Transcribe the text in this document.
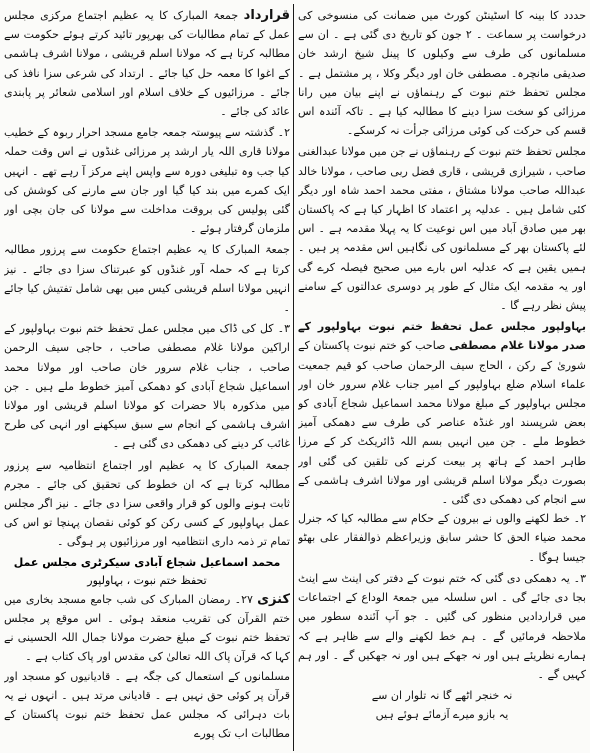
حددد کا بینہ کا اسٹینٹن کورٹ میں ضمانت کی منسوخی کی درخواست پر سماعت ۔ ۲ جون کو تاریخ دی گئی ہے ۔ ان سے مسلمانوں کی طرف سے وکیلوں کا پینل شیخ ارشد خان صدیقی مانچرہ۔ مصطفی خان اور دیگر وکلا ، پر مشتمل ہے ۔ مجلس تحفظ ختم نبوت کے رہنماؤں نے اپنے بیان میں رانا مرزائی کو سخت سزا دینے کا مطالبہ کیا ہے ۔ تاکہ آئندہ اس قسم کی حرکت کی کوئی مرزائی جرأت نہ کرسکے۔

مجلس تحفظ ختم نبوت کے رہنماؤں نے جن میں مولانا عبدالغنی صاحب ، شیرازی قریشی ، قاری فضل ربی صاحب ، مولانا خالد عبداللہ صاحب مولانا مشتاق ، مفتی محمد احمد شاہ اور دیگر کئی شامل ہیں ۔ عدلیہ پر اعتماد کا اظہار کیا ہے کہ پاکستان بھر میں صادق آباد میں اس نوعیت کا یہ پہلا مقدمہ ہے ۔ اس لئے پاکستان بھر کے مسلمانوں کی نگاہیں اس مقدمہ پر ہیں ۔ ہمیں یقین ہے کہ عدلیہ اس بارے میں صحیح فیصلہ کرے گی اور یہ مقدمہ ایک مثال کے طور پر دوسری عدالتوں کے سامنے پیش نظر رہے گا ۔

بہاولپور مجلس عمل تحفظ ختم نبوت بہاولپور کے صدر مولانا غلام مصطفی صاحب کو ختم نبوت پاکستان کے شوریٰ کے رکن ، الحاج سیف الرحمان صاحب کو قیم جمعیت علماء اسلام ضلع بہاولپور کے امیر جناب غلام سرور خان اور مجلس بہاولپور کے مبلغ مولانا محمد اسماعیل شجاع آبادی کو بعض شرپسند اور غنڈہ عناصر کی طرف سے دھمکی آمیز خطوط ملے ۔ جن میں انہیں بسم اللہ ڈائریکٹ کر کے مرزا طاہر احمد کے ہاتھ پر بیعت کرنے کی تلقین کی گئی اور بصورت دیگر مولانا اسلم قریشی اور مولانا اشرف ہاشمی کے سے انجام کی دھمکی دی گئی ۔

۲۔ خط لکھنے والوں نے بیرون کے حکام سے مطالبہ کیا کہ جنرل محمد ضیاء الحق کا حشر سابق وزیراعظم ذوالفقار علی بھٹو جیسا ہوگا ۔

۳۔ یہ دھمکی دی گئی کہ ختم نبوت کے دفتر کی اینٹ سے اینٹ بجا دی جائے گی ۔ اس سلسلہ میں جمعۃ الوداع کے اجتماعات میں قراردادیں منظور کی گئیں ۔ جو آپ آئندہ سطور میں ملاحظہ فرمائیں گے ۔ ہم خط لکھنے والے سے ظاہر ہے کہ ہمارے نظریئے ہیں اور نہ جھکے ہیں اور نہ جھکیں گے ۔ اور ہم کہیں گے ۔

نہ خنجر اٹھے گا نہ تلوار ان سے

یہ بازو میرے آزمائے ہوئے ہیں

قرارداد جمعۃ المبارک کا یہ عظیم اجتماع مرکزی مجلس عمل کے تمام مطالبات کی بھرپور تائید کرتے ہوئے حکومت سے مطالبہ کرتا ہے کہ مولانا اسلم قریشی ، مولانا اشرف ہاشمی کے اغوا کا معمہ حل کیا جائے ۔ ارتداد کی شرعی سزا نافذ کی جائے ۔ مرزائیوں کے خلاف اسلام اور اسلامی شعائر پر پابندی عائد کی جائے ۔

۲۔ گذشتہ سے پیوستہ جمعہ جامع مسجد احرار ربوہ کے خطیب مولانا قاری اللہ یار ارشد پر مرزائی غنڈوں نے اس وقت حملہ کیا جب وہ تبلیغی دورہ سے واپس اپنے مرکز آ رہے تھے ۔ انہیں ایک کمرے میں بند کیا گیا اور جان سے مارنے کی کوشش کی گئی پولیس کی بروقت مداخلت سے مولانا کی جان بچی اور ملزمان گرفتار ہوئے ۔

جمعۃ المبارک کا یہ عظیم اجتماع حکومت سے پرزور مطالبہ کرتا ہے کہ حملہ آور غنڈوں کو عبرتناک سزا دی جائے ۔ نیز انہیں مولانا اسلم قریشی کیس میں بھی شامل تفتیش کیا جائے ۔

۳۔ کل کی ڈاک میں مجلس عمل تحفظ ختم نبوت بہاولپور کے اراکین مولانا غلام مصطفی صاحب ، حاجی سیف الرحمن صاحب ، جناب غلام سرور خان صاحب اور مولانا محمد اسماعیل شجاع آبادی کو دھمکی آمیز خطوط ملے ہیں ۔ جن میں مذکورہ بالا حضرات کو مولانا اسلم قریشی اور مولانا اشرف ہاشمی کے انجام سے سبق سیکھنے اور انہی کی طرح غائب کر دینے کی دھمکی دی گئی ہے ۔

جمعۃ المبارک کا یہ عظیم اور اجتماع انتظامیہ سے پرزور مطالبہ کرتا ہے کہ ان خطوط کی تحقیق کی جائے ۔ مجرم ثابت ہونے والوں کو قرار واقعی سزا دی جائے ۔ نیز اگر مجلس عمل بہاولپور کے کسی رکن کو کوئی نقصان پہنچا تو اس کی تمام تر ذمہ داری انتظامیہ اور مرزائیوں پر ہوگی ۔

محمد اسماعیل شجاع آبادی سیکرٹری مجلس عمل
تحفظ ختم نبوت ، بہاولپور

کنزی ۲۷۔ رمضان المبارک کی شب جامع مسجد بخاری میں ختم القرآن کی تقریب منعقد ہوئی ۔ اس موقع پر مجلس تحفظ ختم نبوت کے مبلغ حضرت مولانا جمال اللہ الحسینی نے کہا کہ قرآن پاک اللہ تعالیٰ کی مقدس اور پاک کتاب ہے ۔

مسلمانوں کے استعمال کی جگہ ہے ۔ قادیانیوں کو مسجد اور قرآن پر کوئی حق نہیں ہے ۔ قادیانی مرتد ہیں ۔ انہوں نے یہ بات دہرائی کہ مجلس عمل تحفظ ختم نبوت پاکستان کے مطالبات اب تک پورے
